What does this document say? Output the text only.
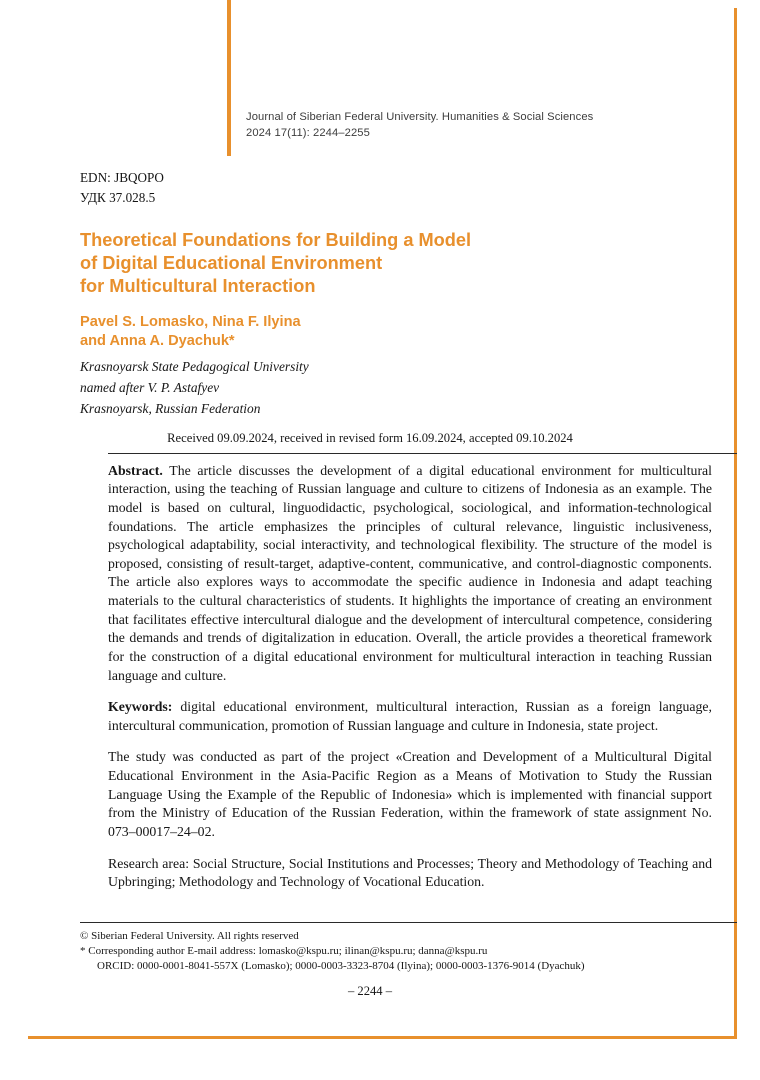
Journal of Siberian Federal University. Humanities & Social Sciences
2024 17(11): 2244–2255
EDN: JBQOPO
УДК 37.028.5
Theoretical Foundations for Building a Model
of Digital Educational Environment
for Multicultural Interaction
Pavel S. Lomasko, Nina F. Ilyina
and Anna A. Dyachuk*
Krasnoyarsk State Pedagogical University
named after V. P. Astafyev
Krasnoyarsk, Russian Federation
Received 09.09.2024, received in revised form 16.09.2024, accepted 09.10.2024

Abstract. The article discusses the development of a digital educational environment for multicultural interaction, using the teaching of Russian language and culture to citizens of Indonesia as an example. The model is based on cultural, linguodidactic, psychological, sociological, and information-technological foundations. The article emphasizes the principles of cultural relevance, linguistic inclusiveness, psychological adaptability, social interactivity, and technological flexibility. The structure of the model is proposed, consisting of result-target, adaptive-content, communicative, and control-diagnostic components. The article also explores ways to accommodate the specific audience in Indonesia and adapt teaching materials to the cultural characteristics of students. It highlights the importance of creating an environment that facilitates effective intercultural dialogue and the development of intercultural competence, considering the demands and trends of digitalization in education. Overall, the article provides a theoretical framework for the construction of a digital educational environment for multicultural interaction in teaching Russian language and culture.

Keywords: digital educational environment, multicultural interaction, Russian as a foreign language, intercultural communication, promotion of Russian language and culture in Indonesia, state project.

The study was conducted as part of the project «Creation and Development of a Multicultural Digital Educational Environment in the Asia-Pacific Region as a Means of Motivation to Study the Russian Language Using the Example of the Republic of Indonesia» which is implemented with financial support from the Ministry of Education of the Russian Federation, within the framework of state assignment No. 073–00017–24–02.

Research area: Social Structure, Social Institutions and Processes; Theory and Methodology of Teaching and Upbringing; Methodology and Technology of Vocational Education.

© Siberian Federal University. All rights reserved
* Corresponding author E-mail address: lomasko@kspu.ru; ilinan@kspu.ru; danna@kspu.ru
ORCID: 0000-0001-8041-557X (Lomasko); 0000-0003-3323-8704 (Ilyina); 0000-0003-1376-9014 (Dyachuk)
– 2244 –
